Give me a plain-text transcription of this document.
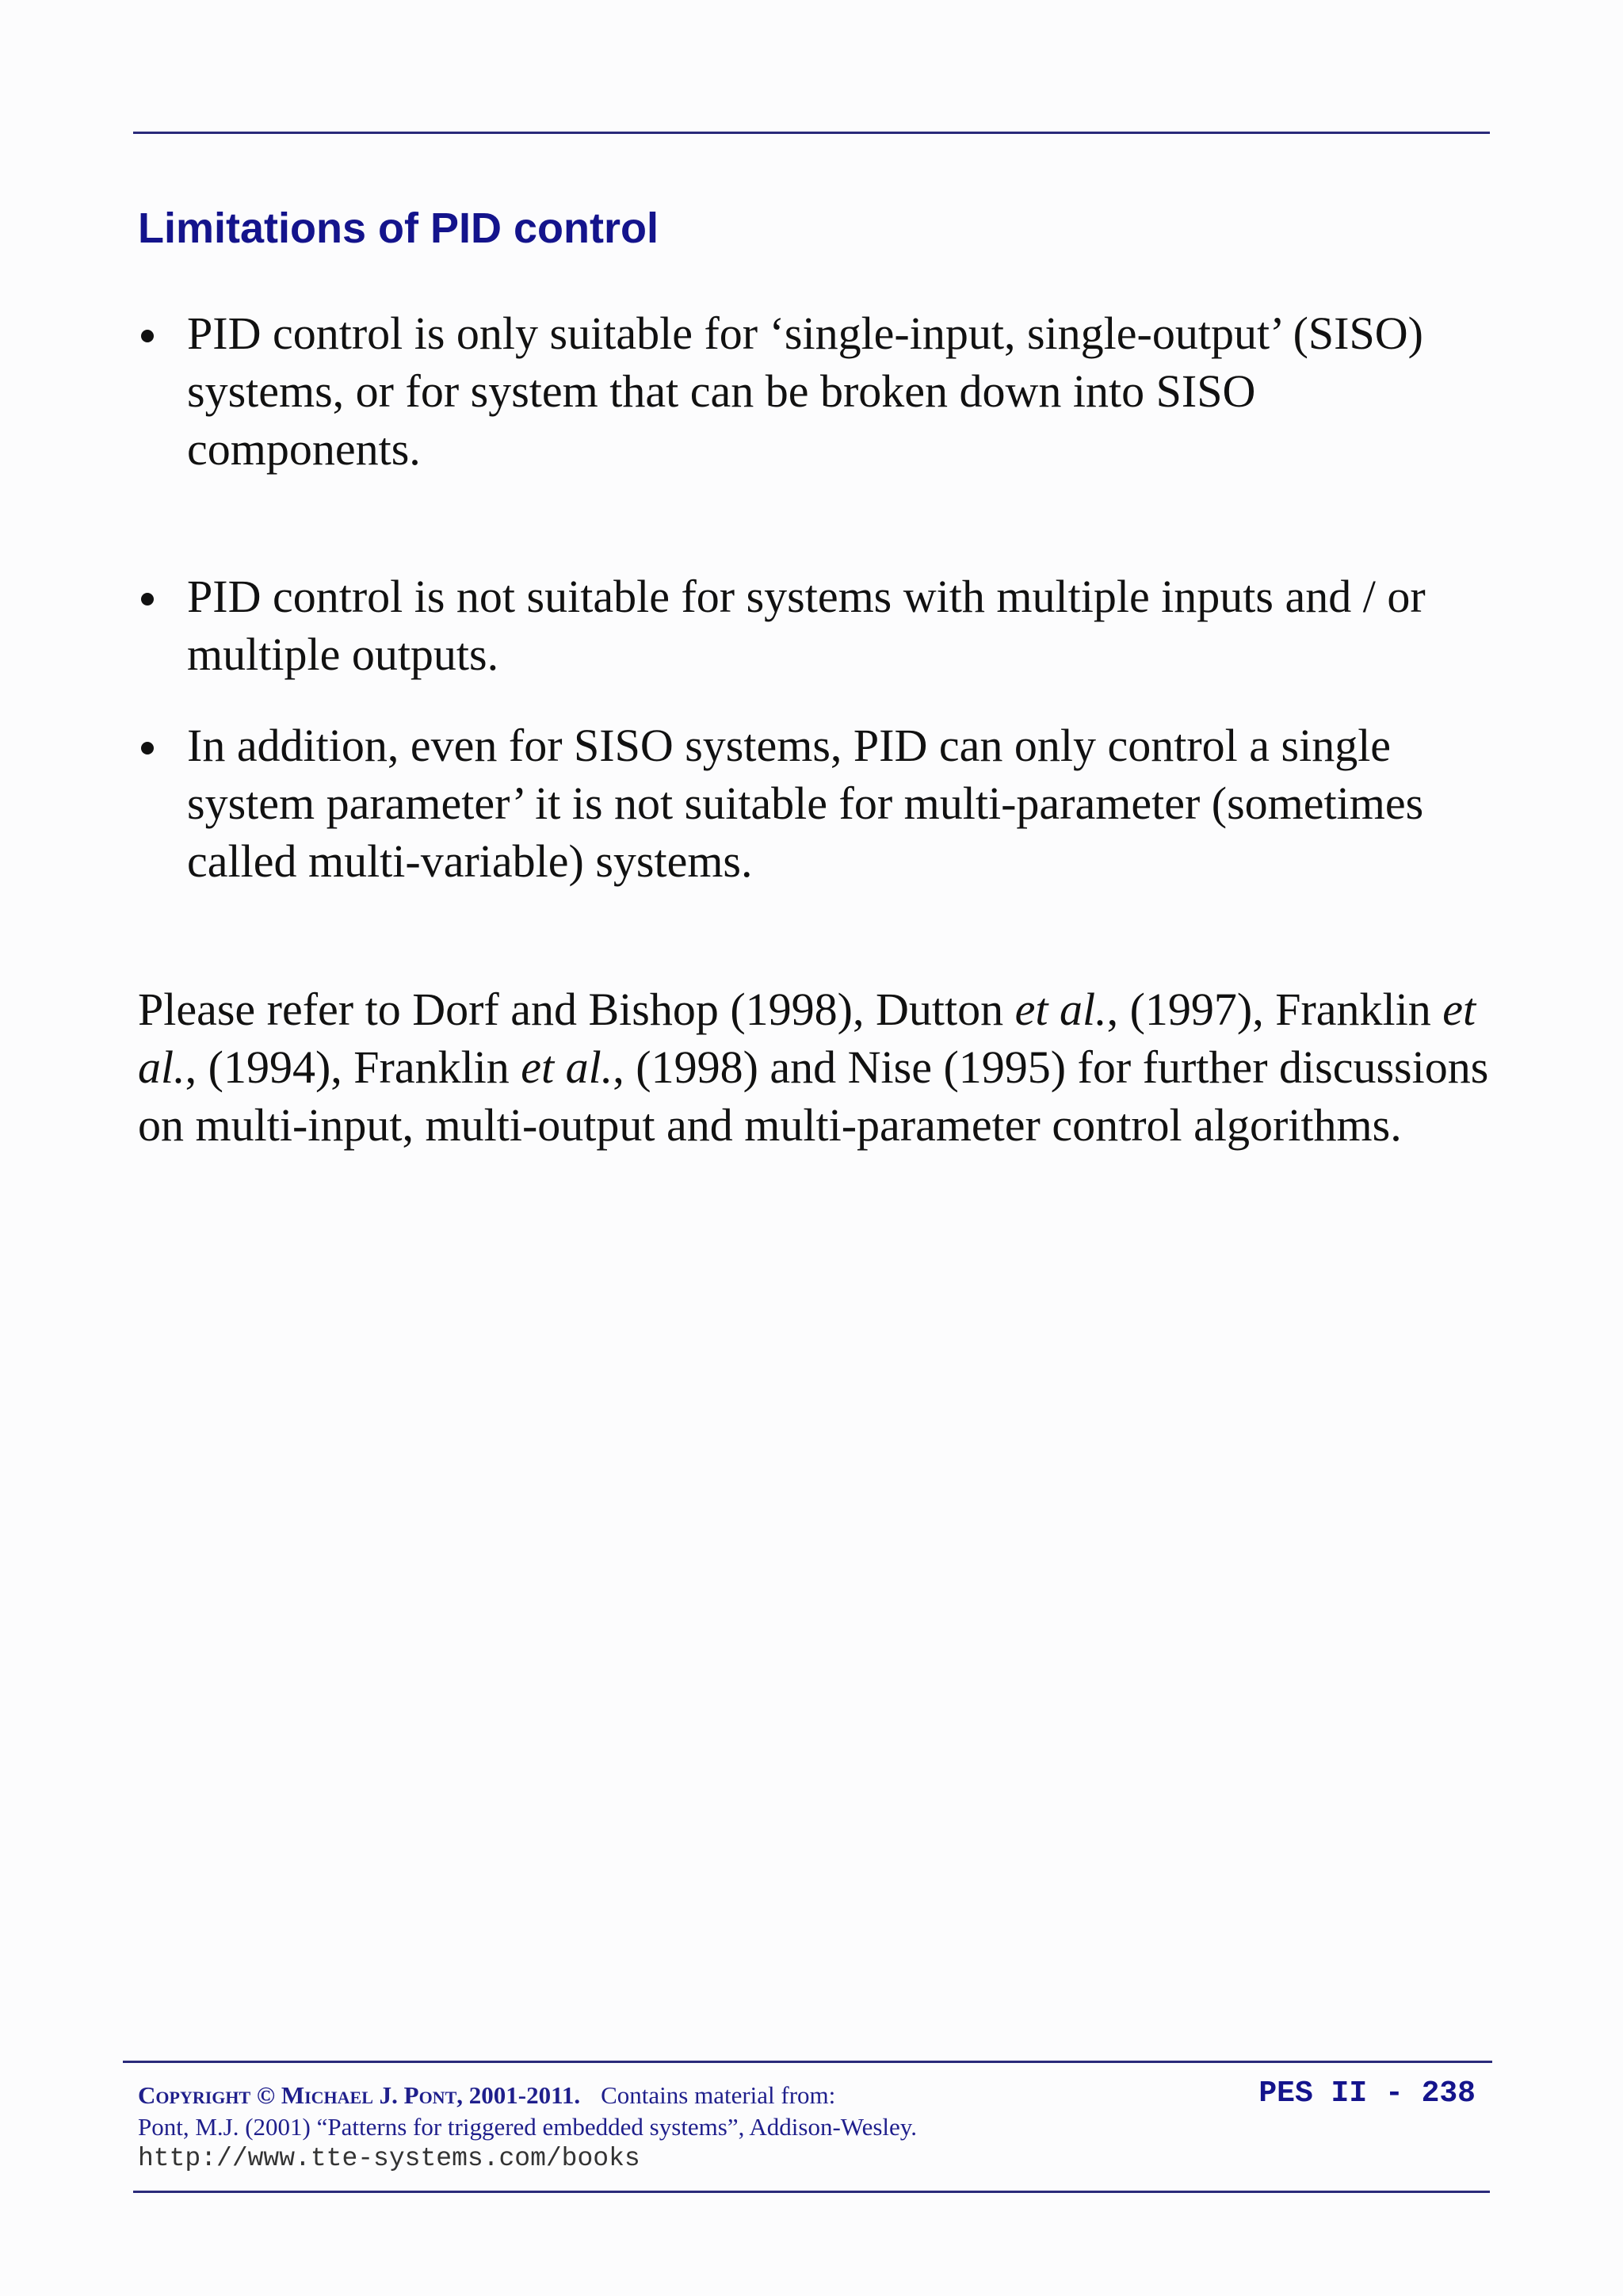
Limitations of PID control
PID control is only suitable for ‘single-input, single-output’ (SISO) systems, or for system that can be broken down into SISO components.
PID control is not suitable for systems with multiple inputs and / or multiple outputs.
In addition, even for SISO systems, PID can only control a single system parameter’ it is not suitable for multi-parameter (sometimes called multi-variable) systems.

Please refer to Dorf and Bishop (1998), Dutton et al., (1997), Franklin et al., (1994), Franklin et al., (1998) and Nise (1995) for further discussions on multi-input, multi-output and multi-parameter control algorithms.

Copyright © Michael J. Pont, 2001-2011. Contains material from:
Pont, M.J. (2001) “Patterns for triggered embedded systems”, Addison-Wesley.
http://www.tte-systems.com/books
PES II - 238
